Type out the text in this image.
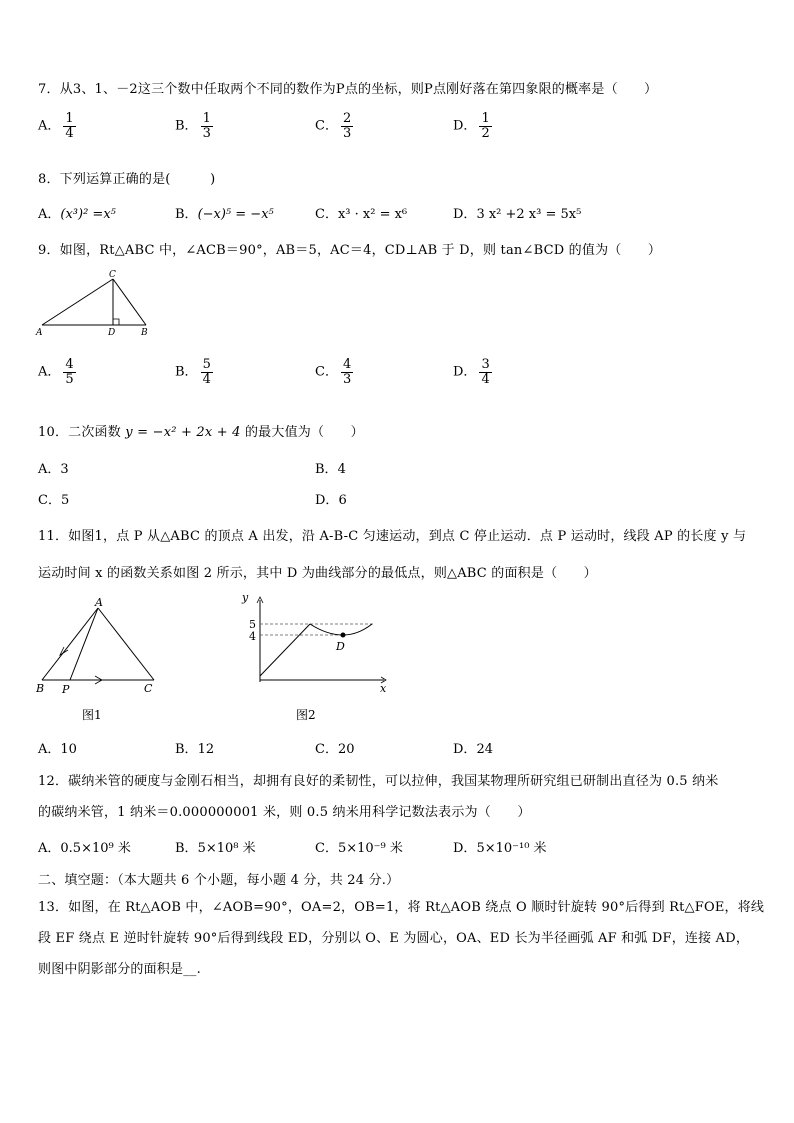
7．从3、1、－2这三个数中任取两个不同的数作为P点的坐标，则P点刚好落在第四象限的概率是（　　）
A． $\frac{1}{4}$	B． $\frac{1}{3}$	C． $\frac{2}{3}$	D． $\frac{1}{2}$
8．下列运算正确的是(　　　)
A．(x³)² =x⁵	B．(−x)⁵ = −x⁵	C．x³ · x² = x⁶	D．3 x² +2 x³ = 5x⁵
9．如图，Rt△ABC 中，∠ACB＝90°，AB＝5，AC＝4，CD⊥AB 于 D，则 tan∠BCD 的值为（　　）
C
A	D	B
A． $\frac{4}{5}$	B． $\frac{5}{4}$	C． $\frac{4}{3}$	D． $\frac{3}{4}$
10．二次函数 y = −x² + 2x + 4 的最大值为（　　）
A．3	B．4
C．5	D．6
11．如图1，点 P 从△ABC 的顶点 A 出发，沿 A-B-C 匀速运动，到点 C 停止运动．点 P 运动时，线段 AP 的长度 y 与
运动时间 x 的函数关系如图 2 所示，其中 D 为曲线部分的最低点，则△ABC 的面积是（　　）
A
B P	C
图1
y
x
5
4
D
图2
A．10	B．12	C．20	D．24
12．碳纳米管的硬度与金刚石相当，却拥有良好的柔韧性，可以拉伸，我国某物理所研究组已研制出直径为 0.5 纳米
的碳纳米管，1 纳米＝0.000000001 米，则 0.5 纳米用科学记数法表示为（　　）
A．0.5×10⁹ 米	B．5×10⁸ 米	C．5×10⁻⁹ 米	D．5×10⁻¹⁰ 米
二、填空题：（本大题共 6 个小题，每小题 4 分，共 24 分.）
13．如图，在 Rt△AOB 中，∠AOB=90°，OA=2，OB=1，将 Rt△AOB 绕点 O 顺时针旋转 90°后得到 Rt△FOE，将线
段 EF 绕点 E 逆时针旋转 90°后得到线段 ED，分别以 O、E 为圆心，OA、ED 长为半径画弧 AF 和弧 DF，连接 AD，
则图中阴影部分的面积是__.
